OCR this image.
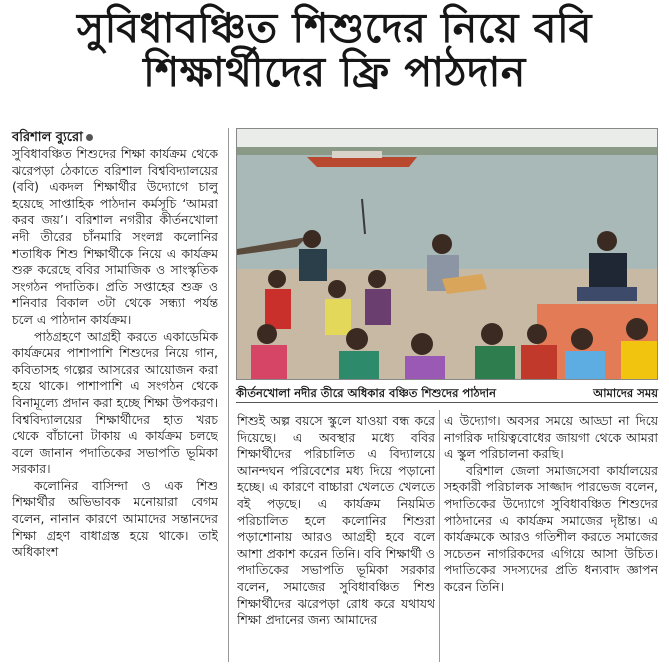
সুবিধাবঞ্চিত শিশুদের নিয়ে ববি
শিক্ষার্থীদের ফ্রি পাঠদান
বরিশাল ব্যুরো

সুবিধাবঞ্চিত শিশুদের শিক্ষা কার্যক্রম থেকে ঝরেপড়া ঠেকাতে বরিশাল বিশ্ববিদ্যালয়ের (ববি) একদল শিক্ষার্থীর উদ্যোগে চালু হয়েছে সাপ্তাহিক পাঠদান কর্মসূচি ‘আমরা করব জয়’। বরিশাল নগরীর কীর্তনখোলা নদী তীরের চাঁনমারি সংলগ্ন কলোনির শতাধিক শিশু শিক্ষার্থীকে নিয়ে এ কার্যক্রম শুরু করেছে ববির সামাজিক ও সাংস্কৃতিক সংগঠন পদাতিক। প্রতি সপ্তাহের শুক্র ও শনিবার বিকাল ৩টা থেকে সন্ধ্যা পর্যন্ত চলে এ পাঠদান কার্যক্রম।

পাঠগ্রহণে আগ্রহী করতে একাডেমিক কার্যক্রমের পাশাপাশি শিশুদের নিয়ে গান, কবিতাসহ গল্পের আসরের আয়োজন করা হয়ে থাকে। পাশাপাশি এ সংগঠন থেকে বিনামূল্যে প্রদান করা হচ্ছে শিক্ষা উপকরণ। বিশ্ববিদ্যালয়ের শিক্ষার্থীদের হাত খরচ থেকে বাঁচানো টাকায় এ কার্যক্রম চলছে বলে জানান পদাতিকের সভাপতি ভূমিকা সরকার।

কলোনির বাসিন্দা ও এক শিশু শিক্ষার্থীর অভিভাবক মনোয়ারা বেগম বলেন, নানান কারণে আমাদের সন্তানদের শিক্ষা গ্রহণ বাধাগ্রস্ত হয়ে থাকে। তাই অধিকাংশ

কীর্তনখোলা নদীর তীরে অধিকার বঞ্চিত শিশুদের পাঠদান	আমাদের সময়

শিশুই অল্প বয়সে স্কুলে যাওয়া বন্ধ করে দিয়েছে। এ অবস্থার মধ্যে ববির শিক্ষার্থীদের পরিচালিত এ বিদ্যালয়ে আনন্দঘন পরিবেশের মধ্য দিয়ে পড়ানো হচ্ছে। এ কারণে বাচ্চারা খেলতে খেলতে বই পড়ছে। এ কার্যক্রম নিয়মিত পরিচালিত হলে কলোনির শিশুরা পড়াশোনায় আরও আগ্রহী হবে বলে আশা প্রকাশ করেন তিনি। ববি শিক্ষার্থী ও পদাতিকের সভাপতি ভূমিকা সরকার বলেন, সমাজের সুবিধাবঞ্চিত শিশু শিক্ষার্থীদের ঝরেপড়া রোধ করে যথাযথ শিক্ষা প্রদানের জন্য আমাদের

এ উদ্যোগ। অবসর সময়ে আড্ডা না দিয়ে নাগরিক দায়িত্ববোধের জায়গা থেকে আমরা এ স্কুল পরিচালনা করছি।

বরিশাল জেলা সমাজসেবা কার্যালয়ের সহকারী পরিচালক সাজ্জাদ পারভেজ বলেন, পদাতিকের উদ্যোগে সুবিধাবঞ্চিত শিশুদের পাঠদানের এ কার্যক্রম সমাজের দৃষ্টান্ত। এ কার্যক্রমকে আরও গতিশীল করতে সমাজের সচেতন নাগরিকদের এগিয়ে আসা উচিত। পদাতিকের সদস্যদের প্রতি ধন্যবাদ জ্ঞাপন করেন তিনি।
